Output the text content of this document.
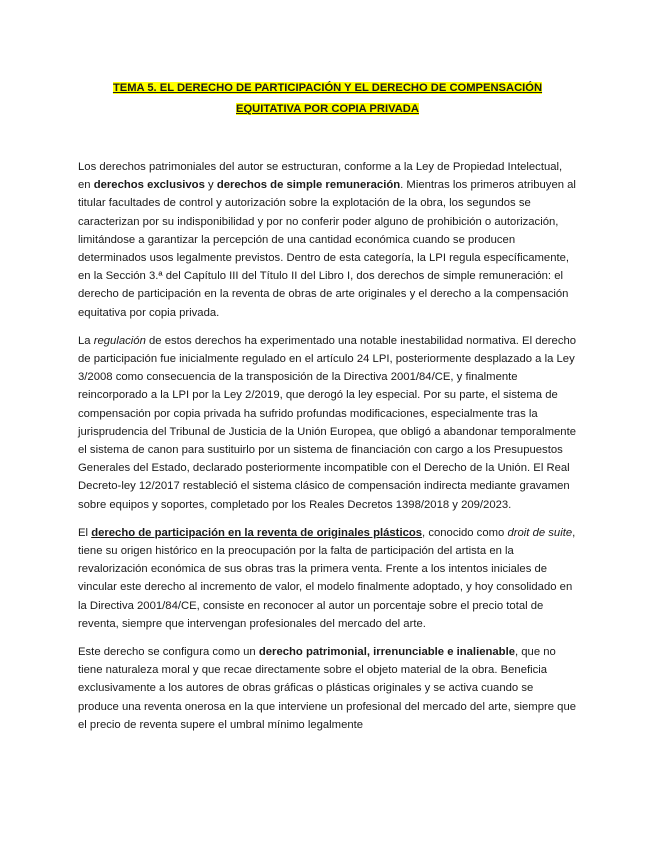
TEMA 5. EL DERECHO DE PARTICIPACIÓN Y EL DERECHO DE COMPENSACIÓN
EQUITATIVA POR COPIA PRIVADA

Los derechos patrimoniales del autor se estructuran, conforme a la Ley de Propiedad Intelectual, en derechos exclusivos y derechos de simple remuneración. Mientras los primeros atribuyen al titular facultades de control y autorización sobre la explotación de la obra, los segundos se caracterizan por su indisponibilidad y por no conferir poder alguno de prohibición o autorización, limitándose a garantizar la percepción de una cantidad económica cuando se producen determinados usos legalmente previstos. Dentro de esta categoría, la LPI regula específicamente, en la Sección 3.ª del Capítulo III del Título II del Libro I, dos derechos de simple remuneración: el derecho de participación en la reventa de obras de arte originales y el derecho a la compensación equitativa por copia privada.

La regulación de estos derechos ha experimentado una notable inestabilidad normativa. El derecho de participación fue inicialmente regulado en el artículo 24 LPI, posteriormente desplazado a la Ley 3/2008 como consecuencia de la transposición de la Directiva 2001/84/CE, y finalmente reincorporado a la LPI por la Ley 2/2019, que derogó la ley especial. Por su parte, el sistema de compensación por copia privada ha sufrido profundas modificaciones, especialmente tras la jurisprudencia del Tribunal de Justicia de la Unión Europea, que obligó a abandonar temporalmente el sistema de canon para sustituirlo por un sistema de financiación con cargo a los Presupuestos Generales del Estado, declarado posteriormente incompatible con el Derecho de la Unión. El Real Decreto-ley 12/2017 restableció el sistema clásico de compensación indirecta mediante gravamen sobre equipos y soportes, completado por los Reales Decretos 1398/2018 y 209/2023.

El derecho de participación en la reventa de originales plásticos, conocido como droit de suite, tiene su origen histórico en la preocupación por la falta de participación del artista en la revalorización económica de sus obras tras la primera venta. Frente a los intentos iniciales de vincular este derecho al incremento de valor, el modelo finalmente adoptado, y hoy consolidado en la Directiva 2001/84/CE, consiste en reconocer al autor un porcentaje sobre el precio total de reventa, siempre que intervengan profesionales del mercado del arte.

Este derecho se configura como un derecho patrimonial, irrenunciable e inalienable, que no tiene naturaleza moral y que recae directamente sobre el objeto material de la obra. Beneficia exclusivamente a los autores de obras gráficas o plásticas originales y se activa cuando se produce una reventa onerosa en la que interviene un profesional del mercado del arte, siempre que el precio de reventa supere el umbral mínimo legalmente
